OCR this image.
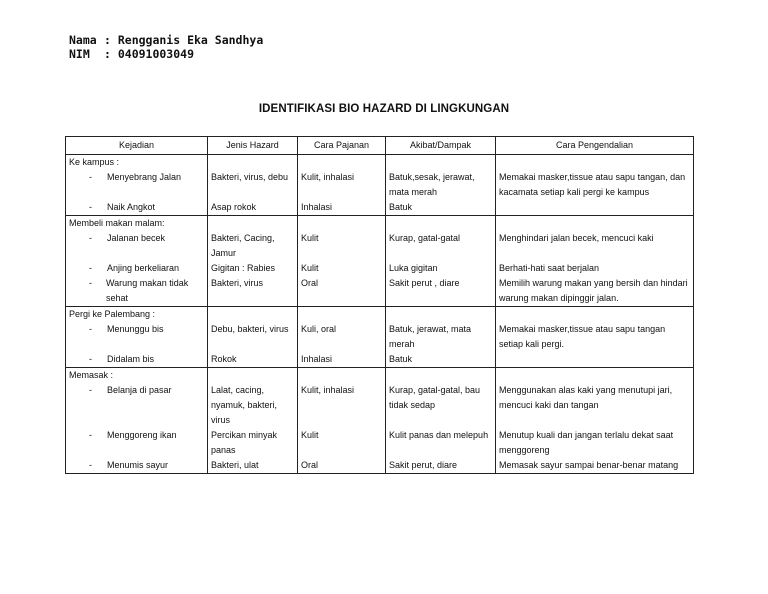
Nama : Rengganis Eka Sandhya
NIM	: 04091003049
IDENTIFIKASI BIO HAZARD DI LINGKUNGAN
Kejadian	Jenis Hazard	Cara Pajanan	Akibat/Dampak	Cara Pengendalian
Ke kampus :				

- Menyebrang Jalan	Bakteri, virus, debu	Kulit, inhalasi	Batuk,sesak, jerawat, mata merah	Memakai masker,tissue atau sapu tangan, dan kacamata setiap kali pergi ke kampus

- Naik Angkot	Asap rokok	Inhalasi	Batuk	
Membeli makan malam:				

- Jalanan becek	Bakteri, Cacing, Jamur	Kulit	Kurap, gatal-gatal	Menghindari jalan becek, mencuci kaki

- Anjing berkeliaran	Gigitan : Rabies	Kulit	Luka gigitan	Berhati-hati saat berjalan

- Warung makan tidak sehat	Bakteri, virus	Oral	Sakit perut , diare	Memilih warung makan yang bersih dan hindari warung makan dipinggir jalan.
Pergi ke Palembang :				

- Menunggu bis	Debu, bakteri, virus	Kuli, oral	Batuk, jerawat, mata merah	Memakai masker,tissue atau sapu tangan setiap kali pergi.

- Didalam bis	Rokok	Inhalasi	Batuk	
Memasak :				

- Belanja di pasar	Lalat, cacing, nyamuk, bakteri, virus	Kulit, inhalasi	Kurap, gatal-gatal, bau tidak sedap	Menggunakan alas kaki yang menutupi jari, mencuci kaki dan tangan

- Menggoreng ikan	Percikan minyak panas	Kulit	Kulit panas dan melepuh	Menutup kuali dan jangan terlalu dekat saat menggoreng

- Menumis sayur	Bakteri, ulat	Oral	Sakit perut, diare	Memasak sayur sampai benar-benar matang
